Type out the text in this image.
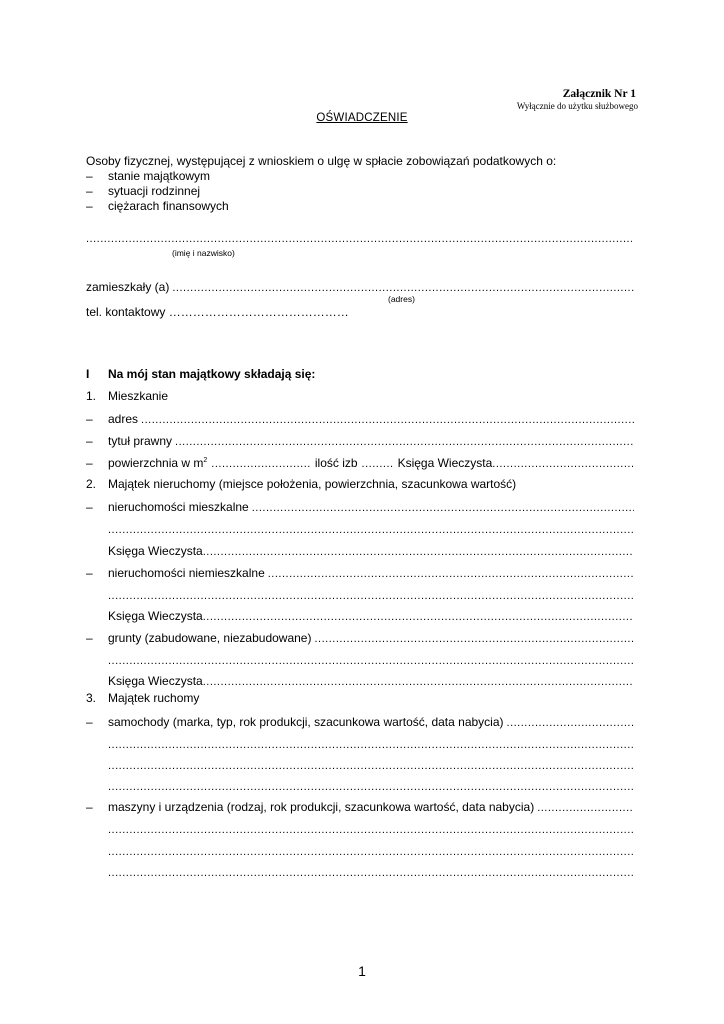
Załącznik Nr 1
Wyłącznie do użytku służbowego
OŚWIADCZENIE
Osoby fizycznej, występującej z wnioskiem o ulgę w spłacie zobowiązań podatkowych o:
– stanie majątkowym
– sytuacji rodzinnej
– ciężarach finansowych
.....
(imię i nazwisko)
zamieszkały (a)
.....
(adres)
tel. kontaktowy ………………………………………
I Na mój stan majątkowy składają się:
1. Mieszkanie
–	adres
.....
–	tytuł prawny
.....
–	powierzchnia w $m^2$ ............................ ilość izb ......... Księga Wieczysta
.....
2. Majątek nieruchomy (miejsce położenia, powierzchnia, szacunkowa wartość)
–	nieruchomości mieszkalne
.....
.....
Księga Wieczysta
.....
–	nieruchomości niemieszkalne
.....
.....
Księga Wieczysta
.....
–	grunty (zabudowane, niezabudowane)
.....
.....
Księga Wieczysta
.....
3. Majątek ruchomy
–	samochody (marka, typ, rok produkcji, szacunkowa wartość, data nabycia)
.....
.....
.....
.....
–	maszyny i urządzenia (rodzaj, rok produkcji, szacunkowa wartość, data nabycia)
.....
.....
.....
.....
1
